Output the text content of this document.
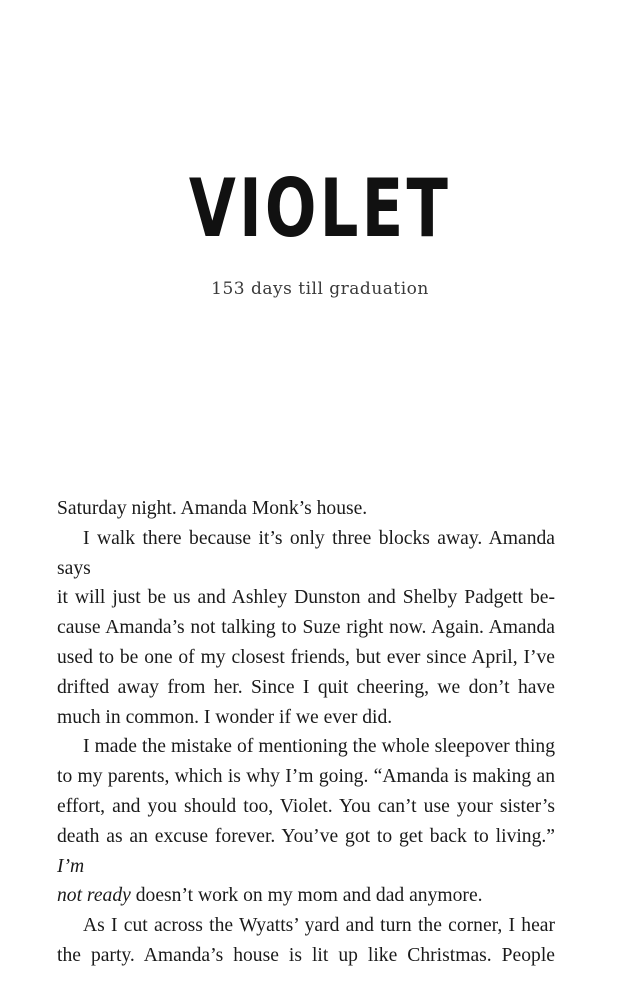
VIOLET
153 days till graduation

Saturday night. Amanda Monk’s house.

I walk there because it’s only three blocks away. Amanda says
it will just be us and Ashley Dunston and Shelby Padgett be-
cause Amanda’s not talking to Suze right now. Again. Amanda
used to be one of my closest friends, but ever since April, I’ve
drifted away from her. Since I quit cheering, we don’t have
much in common. I wonder if we ever did.

I made the mistake of mentioning the whole sleepover thing
to my parents, which is why I’m going. “Amanda is making an
effort, and you should too, Violet. You can’t use your sister’s
death as an excuse forever. You’ve got to get back to living.” I’m
not ready doesn’t work on my mom and dad anymore.

As I cut across the Wyatts’ yard and turn the corner, I hear
the party. Amanda’s house is lit up like Christmas. People
